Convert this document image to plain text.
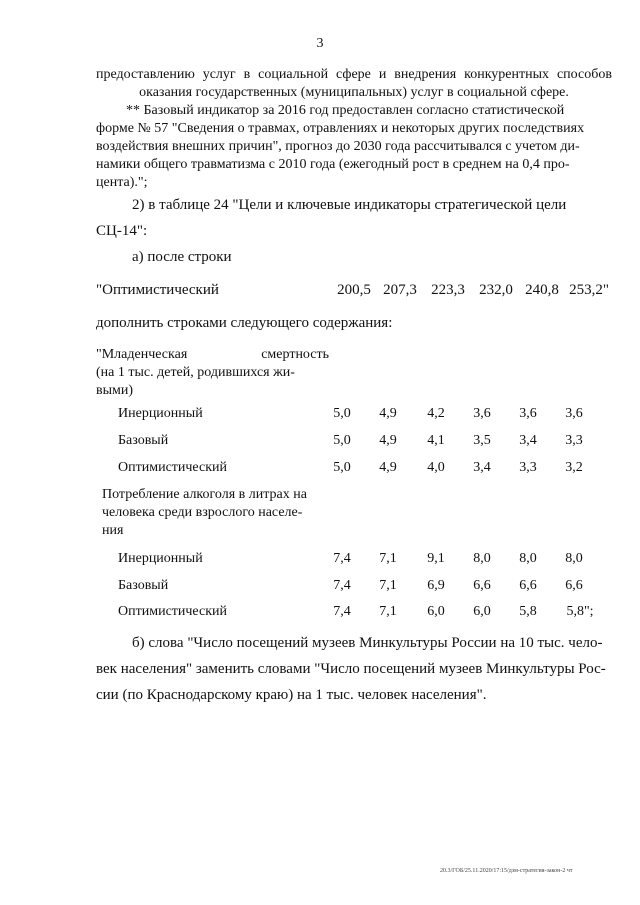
3
предоставлению услуг в социальной сфере и внедрения конкурентных способов
оказания государственных (муниципальных) услуг в социальной сфере.
** Базовый индикатор за 2016 год предоставлен согласно статистической
форме № 57 "Сведения о травмах, отравлениях и некоторых других последствиях
воздействия внешних причин", прогноз до 2030 года рассчитывался с учетом ди-
намики общего травматизма с 2010 года (ежегодный рост в среднем на 0,4 про-
цента).";
2) в таблице 24 "Цели и ключевые индикаторы стратегической цели
СЦ-14":
а) после строки
"Оптимистический	200,5 207,3 223,3 232,0 240,8 253,2"
дополнить строками следующего содержания:
"Младенческая	смертность
(на 1 тыс. детей, родившихся жи-
выми)
Инерционный	5,0	4,9	4,2	3,6	3,6	3,6
Базовый	5,0	4,9	4,1	3,5	3,4	3,3
Оптимистический	5,0	4,9	4,0	3,4	3,3	3,2
Потребление алкоголя в литрах на
человека среди взрослого населе-
ния
Инерционный	7,4	7,1	9,1	8,0	8,0	8,0
Базовый	7,4	7,1	6,9	6,6	6,6	6,6
Оптимистический	7,4	7,1	6,0	6,0	5,8	5,8";
б) слова "Число посещений музеев Минкультуры России на 10 тыс. чело-
век населения" заменить словами "Число посещений музеев Минкультуры Рос-
сии (по Краснодарскому краю) на 1 тыс. человек населения".
20.3/ГОБ/25.11.2020/17:15/дзм-стратегия-закон-2 чт
